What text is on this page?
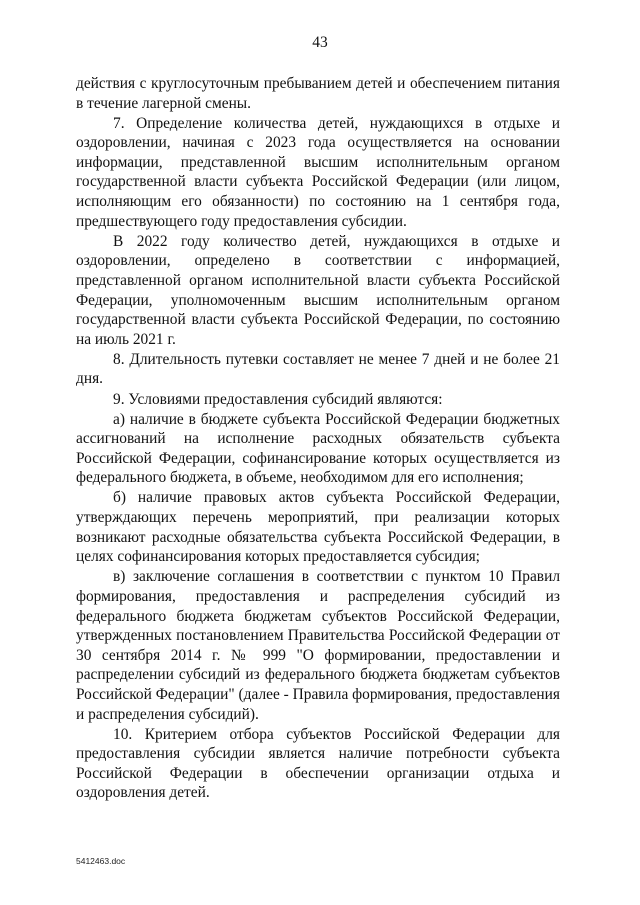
43

действия с круглосуточным пребыванием детей и обеспечением питания в течение лагерной смены.

7. Определение количества детей, нуждающихся в отдыхе и оздоровлении, начиная с 2023 года осуществляется на основании информации, представленной высшим исполнительным органом государственной власти субъекта Российской Федерации (или лицом, исполняющим его обязанности) по состоянию на 1 сентября года, предшествующего году предоставления субсидии.

В 2022 году количество детей, нуждающихся в отдыхе и оздоровлении, определено в соответствии с информацией, представленной органом исполнительной власти субъекта Российской Федерации, уполномоченным высшим исполнительным органом государственной власти субъекта Российской Федерации, по состоянию на июль 2021 г.

8. Длительность путевки составляет не менее 7 дней и не более 21 дня.

9. Условиями предоставления субсидий являются:

а) наличие в бюджете субъекта Российской Федерации бюджетных ассигнований на исполнение расходных обязательств субъекта Российской Федерации, софинансирование которых осуществляется из федерального бюджета, в объеме, необходимом для его исполнения;

б) наличие правовых актов субъекта Российской Федерации, утверждающих перечень мероприятий, при реализации которых возникают расходные обязательства субъекта Российской Федерации, в целях софинансирования которых предоставляется субсидия;

в) заключение соглашения в соответствии с пунктом 10 Правил формирования, предоставления и распределения субсидий из федерального бюджета бюджетам субъектов Российской Федерации, утвержденных постановлением Правительства Российской Федерации от 30 сентября 2014 г. № 999 "О формировании, предоставлении и распределении субсидий из федерального бюджета бюджетам субъектов Российской Федерации" (далее - Правила формирования, предоставления и распределения субсидий).

10. Критерием отбора субъектов Российской Федерации для предоставления субсидии является наличие потребности субъекта Российской Федерации в обеспечении организации отдыха и оздоровления детей.

5412463.doc
